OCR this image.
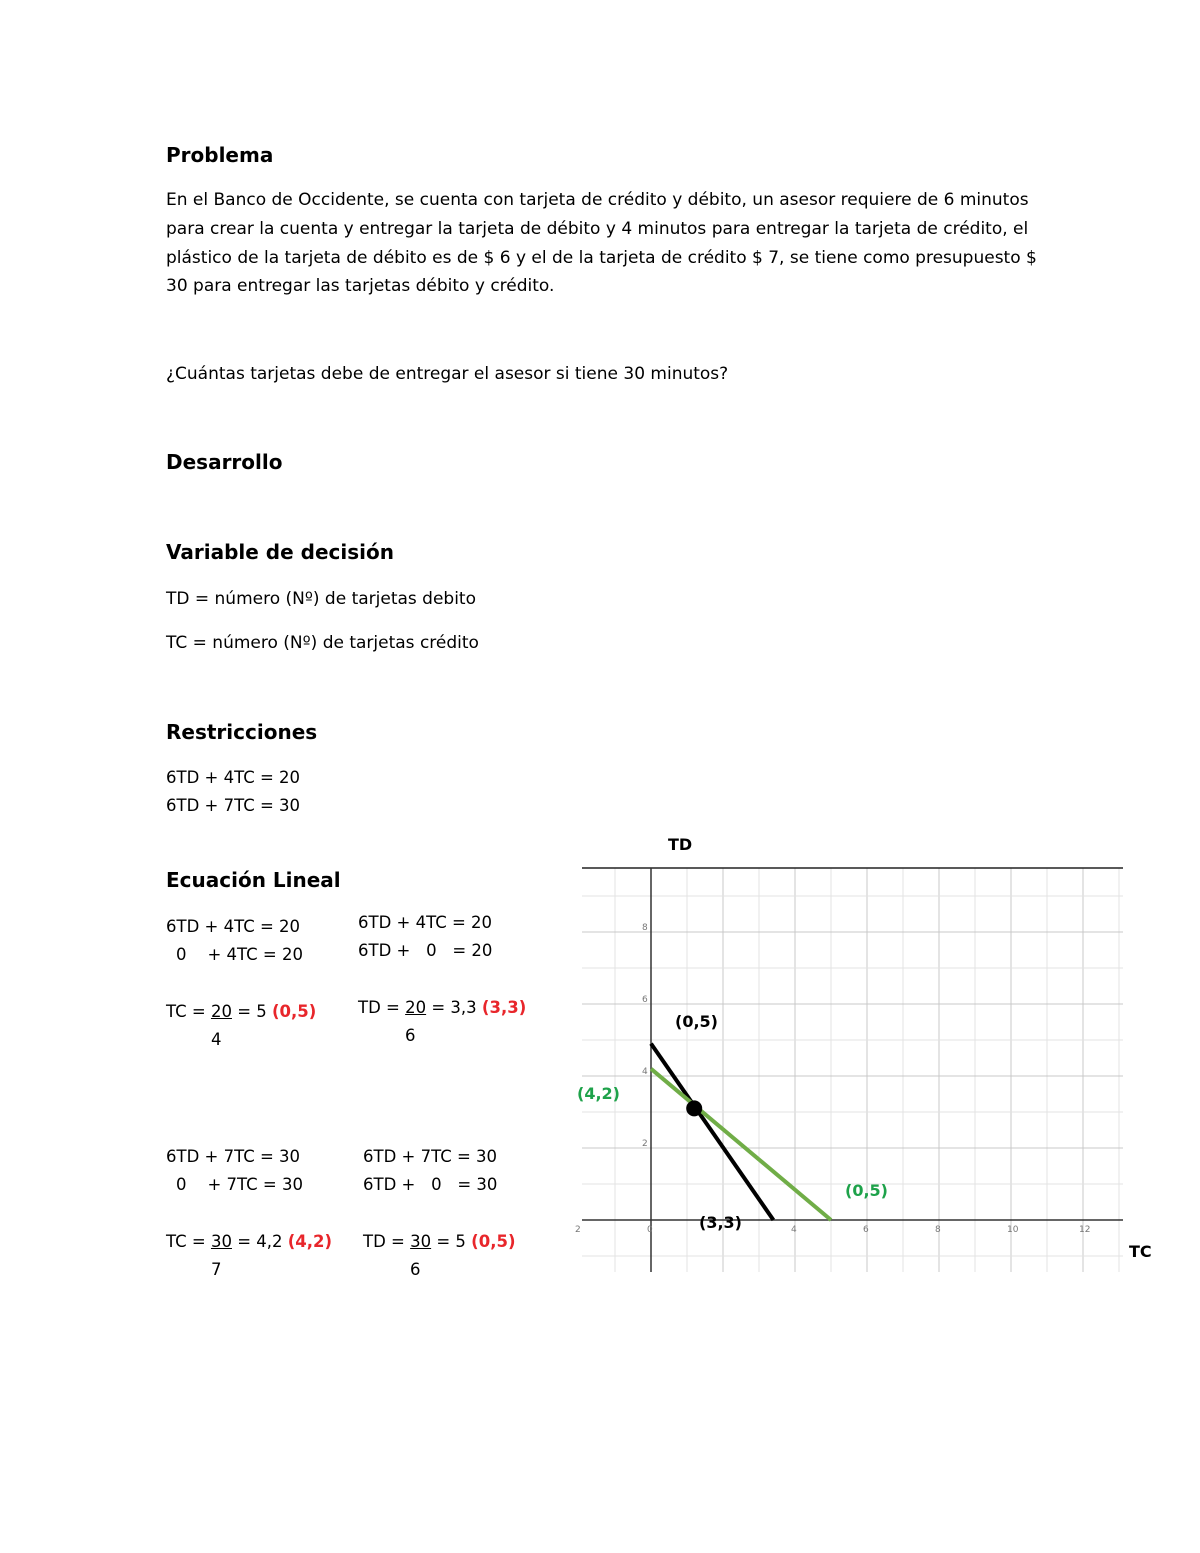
Problema
En el Banco de Occidente, se cuenta con tarjeta de crédito y débito, un asesor requiere de 6 minutos para crear la cuenta y entregar la tarjeta de débito y 4 minutos para entregar la tarjeta de crédito, el plástico de la tarjeta de débito es de $ 6 y el de la tarjeta de crédito $ 7, se tiene como presupuesto $ 30 para entregar las tarjetas débito y crédito.
¿Cuántas tarjetas debe de entregar el asesor si tiene 30 minutos?
Desarrollo
Variable de decisión
TD = número (Nº) de tarjetas debito
TC = número (Nº) de tarjetas crédito
Restricciones
6TD + 4TC = 20
6TD + 7TC = 30
Ecuación Lineal
6TD + 4TC = 20
0    + 4TC = 20
TC = 20 = 5 (0,5)
4
6TD + 4TC = 20
6TD +   0   = 20
TD = 20 = 3,3 (3,3)
6
6TD + 7TC = 30
0    + 7TC = 30
TC = 30 = 4,2 (4,2)
7
6TD + 7TC = 30
6TD +   0   = 30
TD = 30 = 5 (0,5)
6
2	0	4	6	8	10	12
8
6
4
2
TD
TC
(0,5)
(4,2)
(0,5)
(3,3)
